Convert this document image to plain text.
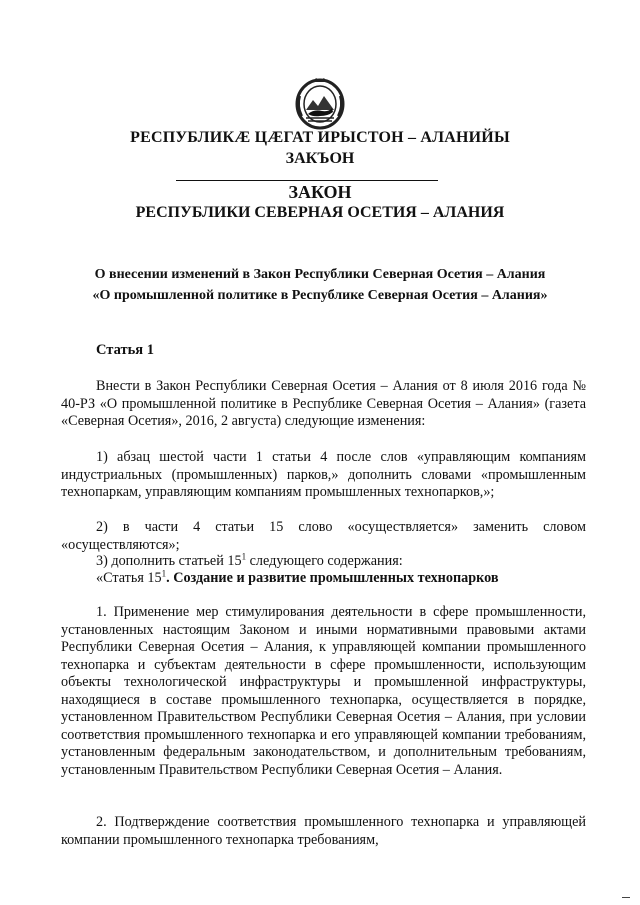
РЕСПУБЛИКӔ ЦӔГАТ ИРЫСТОН – АЛАНИЙЫ
ЗАКЪОН
ЗАКОН
РЕСПУБЛИКИ СЕВЕРНАЯ ОСЕТИЯ – АЛАНИЯ
О внесении изменений в Закон Республики Северная Осетия – Алания
«О промышленной политике в Республике Северная Осетия – Алания»
Статья 1

Внести в Закон Республики Северная Осетия – Алания от 8 июля 2016 года № 40-РЗ «О промышленной политике в Республике Северная Осетия – Алания» (газета «Северная Осетия», 2016, 2 августа) следующие изменения:

1) абзац шестой части 1 статьи 4 после слов «управляющим компаниям индустриальных (промышленных) парков,» дополнить словами «промышленным технопаркам, управляющим компаниям промышленных технопарков,»;

2) в части 4 статьи 15 слово «осуществляется» заменить словом «осуществляются»;

3) дополнить статьей $15^1$ следующего содержания:

«Статья $15^1$. Создание и развитие промышленных технопарков

1. Применение мер стимулирования деятельности в сфере промышленности, установленных настоящим Законом и иными нормативными правовыми актами Республики Северная Осетия – Алания, к управляющей компании промышленного технопарка и субъектам деятельности в сфере промышленности, использующим объекты технологической инфраструктуры и промышленной инфраструктуры, находящиеся в составе промышленного технопарка, осуществляется в порядке, установленном Правительством Республики Северная Осетия – Алания, при условии соответствия промышленного технопарка и его управляющей компании требованиям, установленным федеральным законодательством, и дополнительным требованиям, установленным Правительством Республики Северная Осетия – Алания.

2. Подтверждение соответствия промышленного технопарка и управляющей компании промышленного технопарка требованиям,
